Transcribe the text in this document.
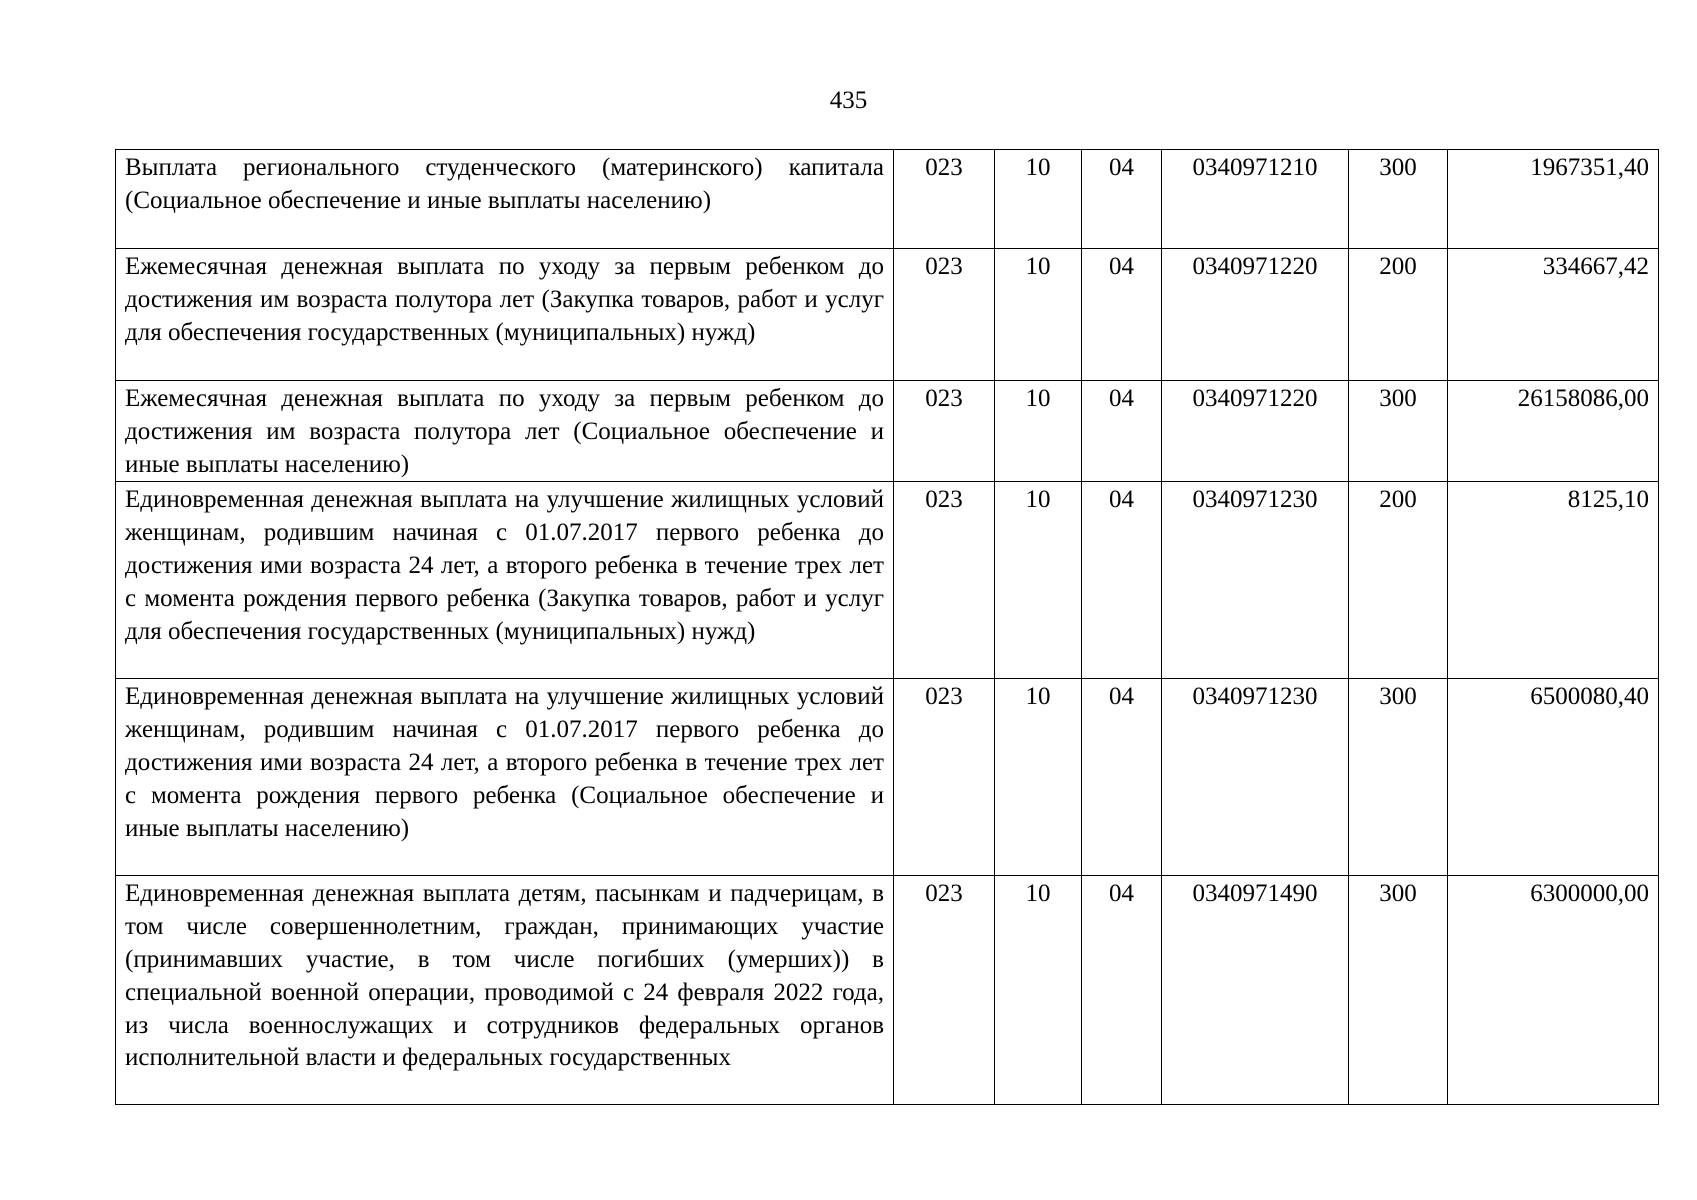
435
Выплата регионального студенческого (материнского) капитала (Социальное обеспечение и иные выплаты населению)	023	10	04	0340971210	300	1967351,40
Ежемесячная денежная выплата по уходу за первым ребенком до достижения им возраста полутора лет (Закупка товаров, работ и услуг для обеспечения государственных (муниципальных) нужд)	023	10	04	0340971220	200	334667,42
Ежемесячная денежная выплата по уходу за первым ребенком до достижения им возраста полутора лет (Социальное обеспечение и иные выплаты населению)	023	10	04	0340971220	300	26158086,00
Единовременная денежная выплата на улучшение жилищных условий женщинам, родившим начиная с 01.07.2017 первого ребенка до достижения ими возраста 24 лет, а второго ребенка в течение трех лет с момента рождения первого ребенка (Закупка товаров, работ и услуг для обеспечения государственных (муниципальных) нужд)	023	10	04	0340971230	200	8125,10
Единовременная денежная выплата на улучшение жилищных условий женщинам, родившим начиная с 01.07.2017 первого ребенка до достижения ими возраста 24 лет, а второго ребенка в течение трех лет с момента рождения первого ребенка (Социальное обеспечение и иные выплаты населению)	023	10	04	0340971230	300	6500080,40
Единовременная денежная выплата детям, пасынкам и падчерицам, в том числе совершеннолетним, граждан, принимающих участие (принимавших участие, в том числе погибших (умерших)) в специальной военной операции, проводимой с 24 февраля 2022 года, из числа военнослужащих и сотрудников федеральных органов исполнительной власти и федеральных государственных	023	10	04	0340971490	300	6300000,00
